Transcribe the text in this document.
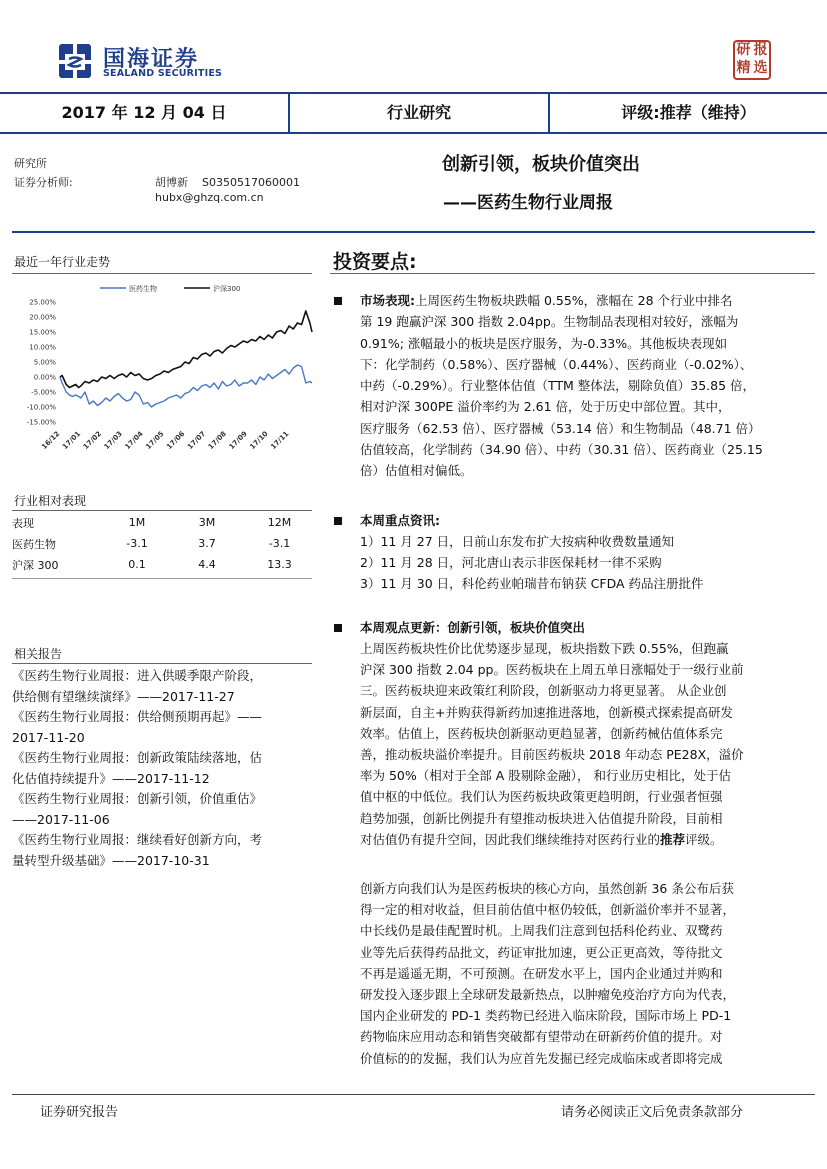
国海证券
SEALAND SECURITIES
研 报
精 选
2017 年 12 月 04 日	行业研究	评级:推荐（维持）
研究所
证券分析师:	胡博新    S0350517060001
hubx@ghzq.com.cn
创新引领，板块价值突出
——医药生物行业周报
最近一年行业走势
医药生物	沪深300
25.00%
20.00%
15.00%
10.00%
5.00%
0.00%
-5.00%
-10.00%
-15.00%
16/12 17/01 17/02 17/03 17/04 17/05 17/06 17/07 17/08 17/09 17/10 17/11
行业相对表现
表现	1M	3M	12M
医药生物	-3.1	3.7	-3.1
沪深 300	0.1	4.4	13.3
相关报告
《医药生物行业周报：进入供暖季限产阶段，
供给侧有望继续演绎》——2017-11-27
《医药生物行业周报：供给侧预期再起》——
2017-11-20
《医药生物行业周报：创新政策陆续落地，估
化估值持续提升》——2017-11-12
《医药生物行业周报：创新引领，价值重估》
——2017-11-06
《医药生物行业周报：继续看好创新方向，考
量转型升级基础》——2017-10-31
投资要点:
市场表现:上周医药生物板块跌幅 0.55%，涨幅在 28 个行业中排名
第 19 跑赢沪深 300 指数 2.04pp。生物制品表现相对较好，涨幅为
0.91%; 涨幅最小的板块是医疗服务，为-0.33%。其他板块表现如
下：化学制药（0.58%）、医疗器械（0.44%）、医药商业（-0.02%）、
中药（-0.29%）。行业整体估值（TTM 整体法，剔除负值）35.85 倍，
相对沪深 300PE 溢价率约为 2.61 倍，处于历史中部位置。其中，
医疗服务（62.53 倍）、医疗器械（53.14 倍）和生物制品（48.71 倍）
估值较高，化学制药（34.90 倍）、中药（30.31 倍）、医药商业（25.15
倍）估值相对偏低。
本周重点资讯:
1）11 月 27 日，日前山东发布扩大按病种收费数量通知
2）11 月 28 日，河北唐山表示非医保耗材一律不采购
3）11 月 30 日，科伦药业帕瑞昔布钠获 CFDA 药品注册批件
本周观点更新：创新引领，板块价值突出
上周医药板块性价比优势逐步显现，板块指数下跌 0.55%，但跑赢
沪深 300 指数 2.04 pp。医药板块在上周五单日涨幅处于一级行业前
三。医药板块迎来政策红利阶段，创新驱动力将更显著。 从企业创
新层面，自主+并购获得新药加速推进落地，创新模式探索提高研发
效率。估值上，医药板块创新驱动更趋显著，创新药械估值体系完
善，推动板块溢价率提升。目前医药板块 2018 年动态 PE28X，溢价
率为 50%（相对于全部 A 股剔除金融）， 和行业历史相比，处于估
值中枢的中低位。我们认为医药板块政策更趋明朗，行业强者恒强
趋势加强，创新比例提升有望推动板块进入估值提升阶段，目前相
对估值仍有提升空间，因此我们继续维持对医药行业的推荐评级。
创新方向我们认为是医药板块的核心方向，虽然创新 36 条公布后获
得一定的相对收益，但目前估值中枢仍较低，创新溢价率并不显著，
中长线仍是最佳配置时机。上周我们注意到包括科伦药业、双鹭药
业等先后获得药品批文，药证审批加速，更公正更高效，等待批文
不再是遥遥无期，不可预测。在研发水平上，国内企业通过并购和
研发投入逐步跟上全球研发最新热点，以肿瘤免疫治疗方向为代表，
国内企业研发的 PD-1 类药物已经进入临床阶段，国际市场上 PD-1
药物临床应用动态和销售突破都有望带动在研新药价值的提升。对
价值标的的发掘，我们认为应首先发掘已经完成临床或者即将完成
证券研究报告	请务必阅读正文后免责条款部分
